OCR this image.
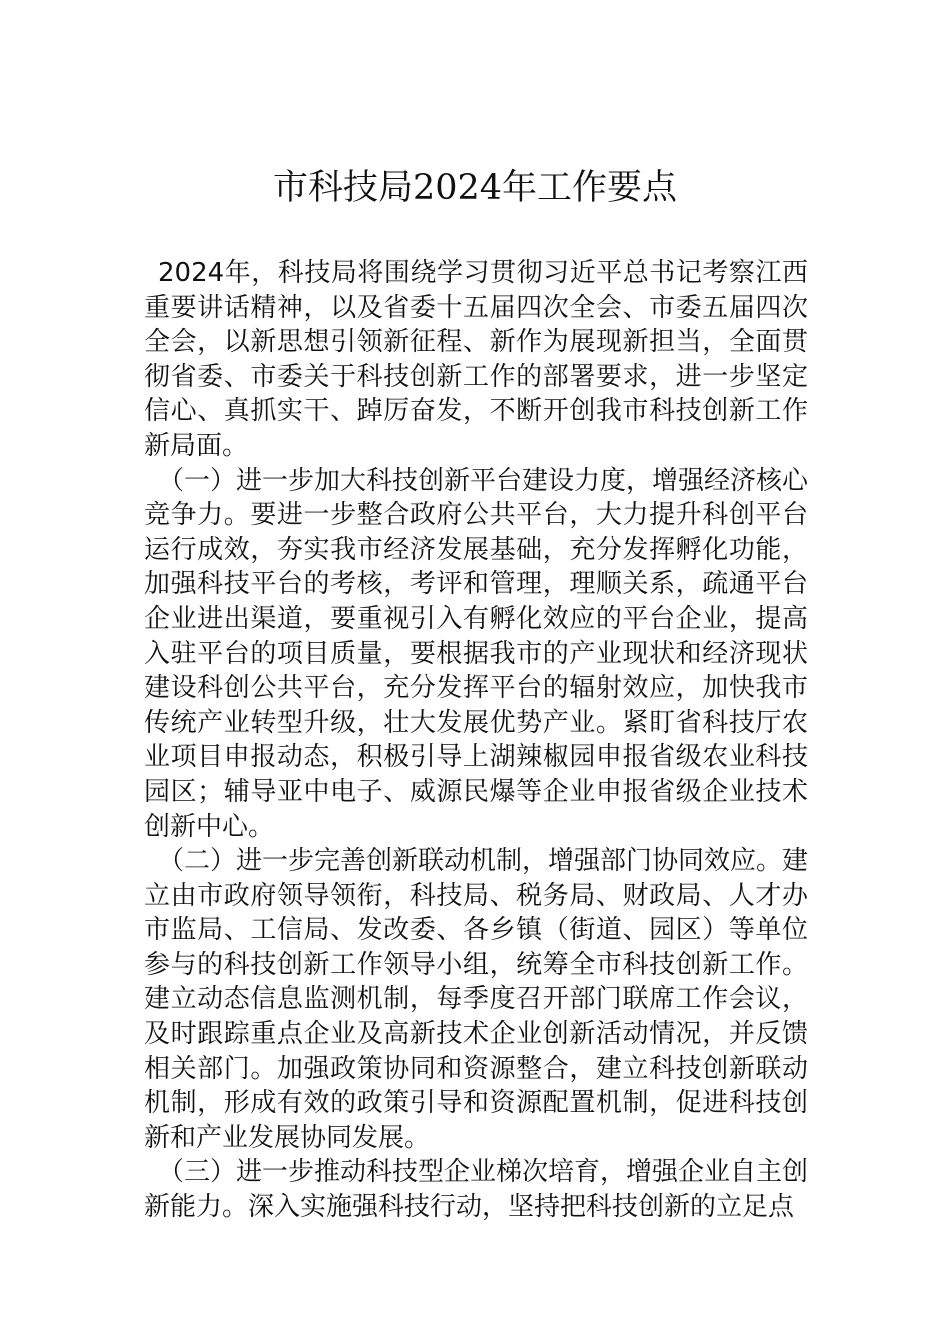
市科技局2024年工作要点

2024年，科技局将围绕学习贯彻习近平总书记考察江西重要讲话精神，以及省委十五届四次全会、市委五届四次全会，以新思想引领新征程、新作为展现新担当，全面贯彻省委、市委关于科技创新工作的部署要求，进一步坚定信心、真抓实干、踔厉奋发，不断开创我市科技创新工作新局面。

（一）进一步加大科技创新平台建设力度，增强经济核心竞争力。要进一步整合政府公共平台，大力提升科创平台运行成效，夯实我市经济发展基础，充分发挥孵化功能，加强科技平台的考核，考评和管理，理顺关系，疏通平台企业进出渠道，要重视引入有孵化效应的平台企业，提高入驻平台的项目质量，要根据我市的产业现状和经济现状建设科创公共平台，充分发挥平台的辐射效应，加快我市传统产业转型升级，壮大发展优势产业。紧盯省科技厅农业项目申报动态，积极引导上湖辣椒园申报省级农业科技园区；辅导亚中电子、威源民爆等企业申报省级企业技术创新中心。

（二）进一步完善创新联动机制，增强部门协同效应。建立由市政府领导领衔，科技局、税务局、财政局、人才办市监局、工信局、发改委、各乡镇（街道、园区）等单位参与的科技创新工作领导小组，统筹全市科技创新工作。建立动态信息监测机制，每季度召开部门联席工作会议，及时跟踪重点企业及高新技术企业创新活动情况，并反馈相关部门。加强政策协同和资源整合，建立科技创新联动机制，形成有效的政策引导和资源配置机制，促进科技创新和产业发展协同发展。

（三）进一步推动科技型企业梯次培育，增强企业自主创新能力。深入实施强科技行动，坚持把科技创新的立足点
